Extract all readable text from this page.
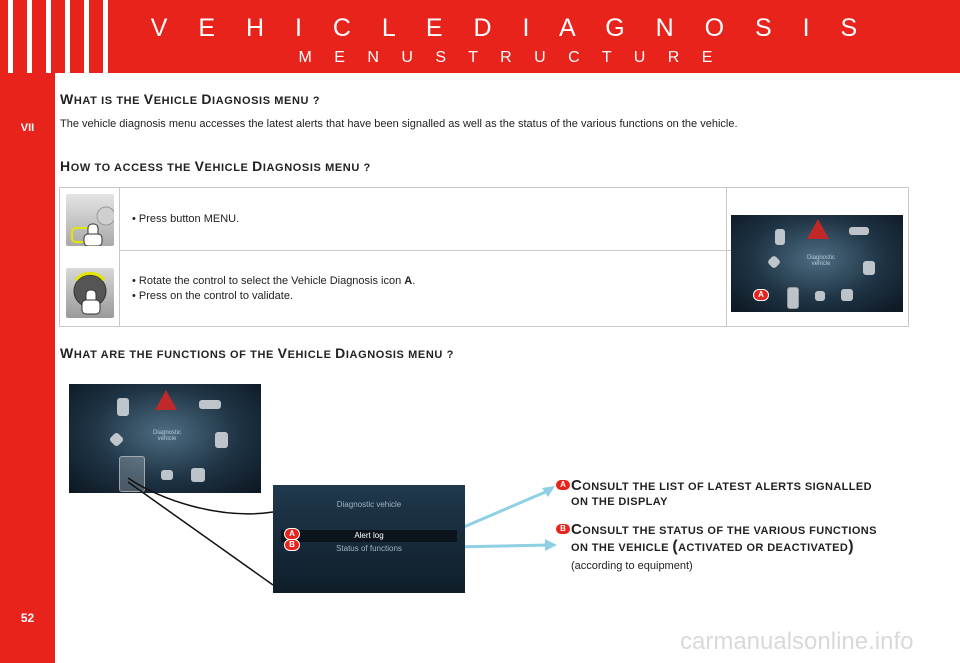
V E H I C L E D I A G N O S I S
M E N U S T R U C T U R E
VII
52
WHAT IS THE VEHICLE DIAGNOSIS MENU ?
The vehicle diagnosis menu accesses the latest alerts that have been signalled as well as the status of the various functions on the vehicle.
HOW TO ACCESS THE VEHICLE DIAGNOSIS MENU ?
• Press button MENU.
• Rotate the control to select the Vehicle Diagnosis icon A.
• Press on the control to validate.
Diagnostic vehicle
A
WHAT ARE THE FUNCTIONS OF THE VEHICLE DIAGNOSIS MENU ?
Diagnostic vehicle
Diagnostic vehicle
Alert log
Status of functions
A
B
A CONSULT THE LIST OF LATEST ALERTS SIGNALLED
ON THE DISPLAY
B CONSULT THE STATUS OF THE VARIOUS FUNCTIONS
ON THE VEHICLE (ACTIVATED OR DEACTIVATED)
(according to equipment)
carmanualsonline.info
